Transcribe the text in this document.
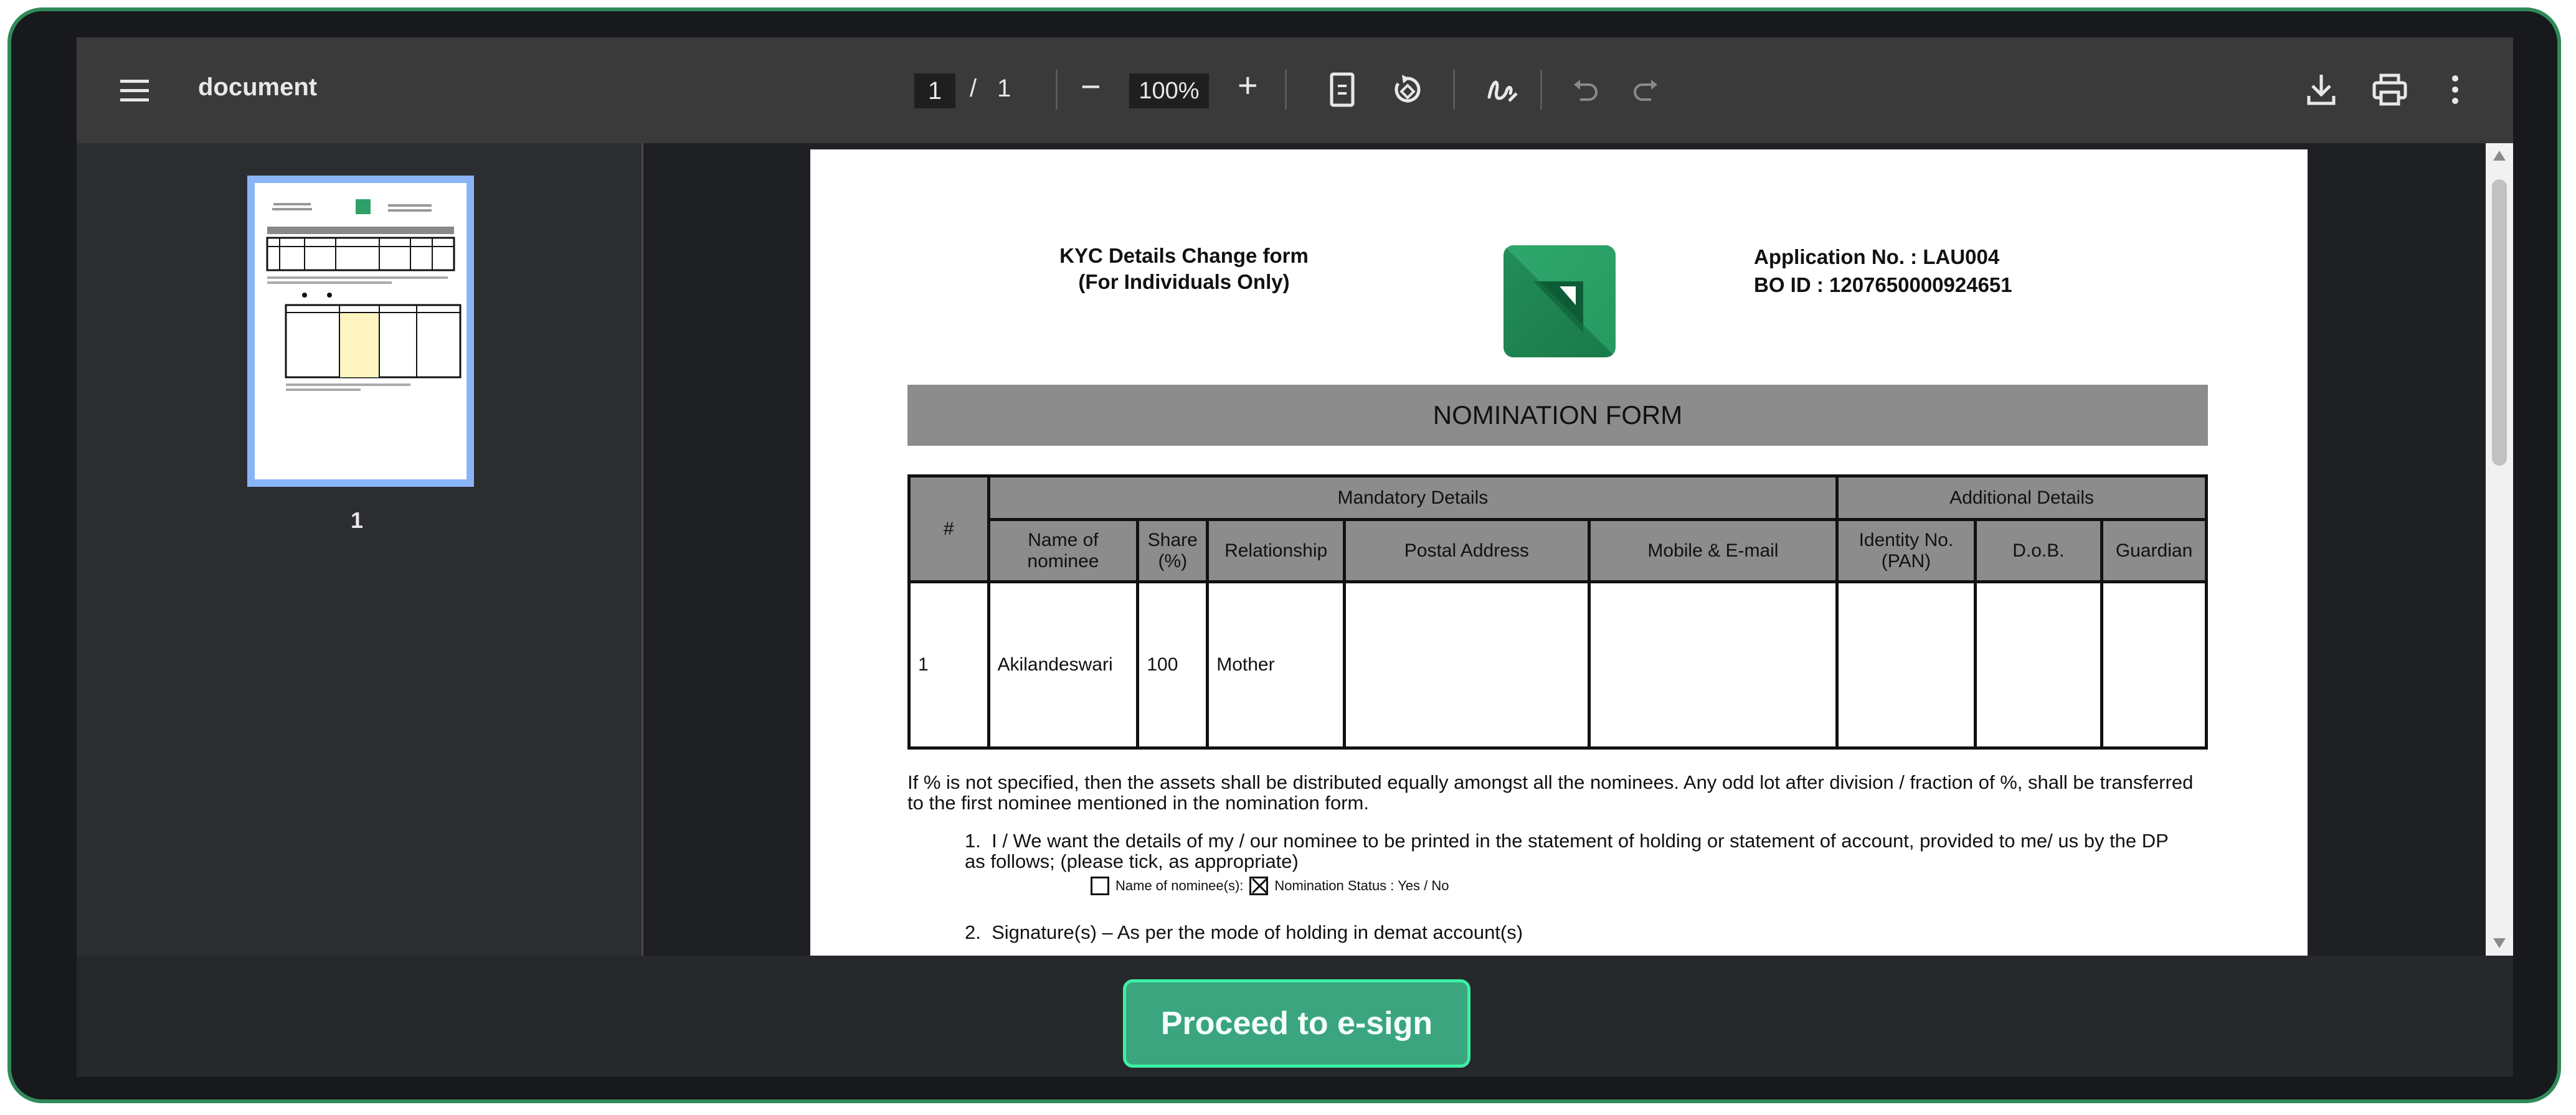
document	1	/ 1 −	100% +
1
KYC Details Change form
(For Individuals Only)
Application No. : LAU004
BO ID : 1207650000924651
NOMINATION FORM
#	Mandatory Details					Additional Details		
	Name of nominee	Share (%)	Relationship	Postal Address	Mobile & E-mail	Identity No. (PAN)	D.o.B.	Guardian
1	Akilandeswari	100	Mother					
If % is not specified, then the assets shall be distributed equally amongst all the nominees. Any odd lot after division / fraction of %, shall be transferred to the first nominee mentioned in the nomination form.
1. I / We want the details of my / our nominee to be printed in the statement of holding or statement of account, provided to me/ us by the DP as follows; (please tick, as appropriate)
Name of nominee(s): Nomination Status : Yes / No
2. Signature(s) – As per the mode of holding in demat account(s)
Proceed to e-sign
